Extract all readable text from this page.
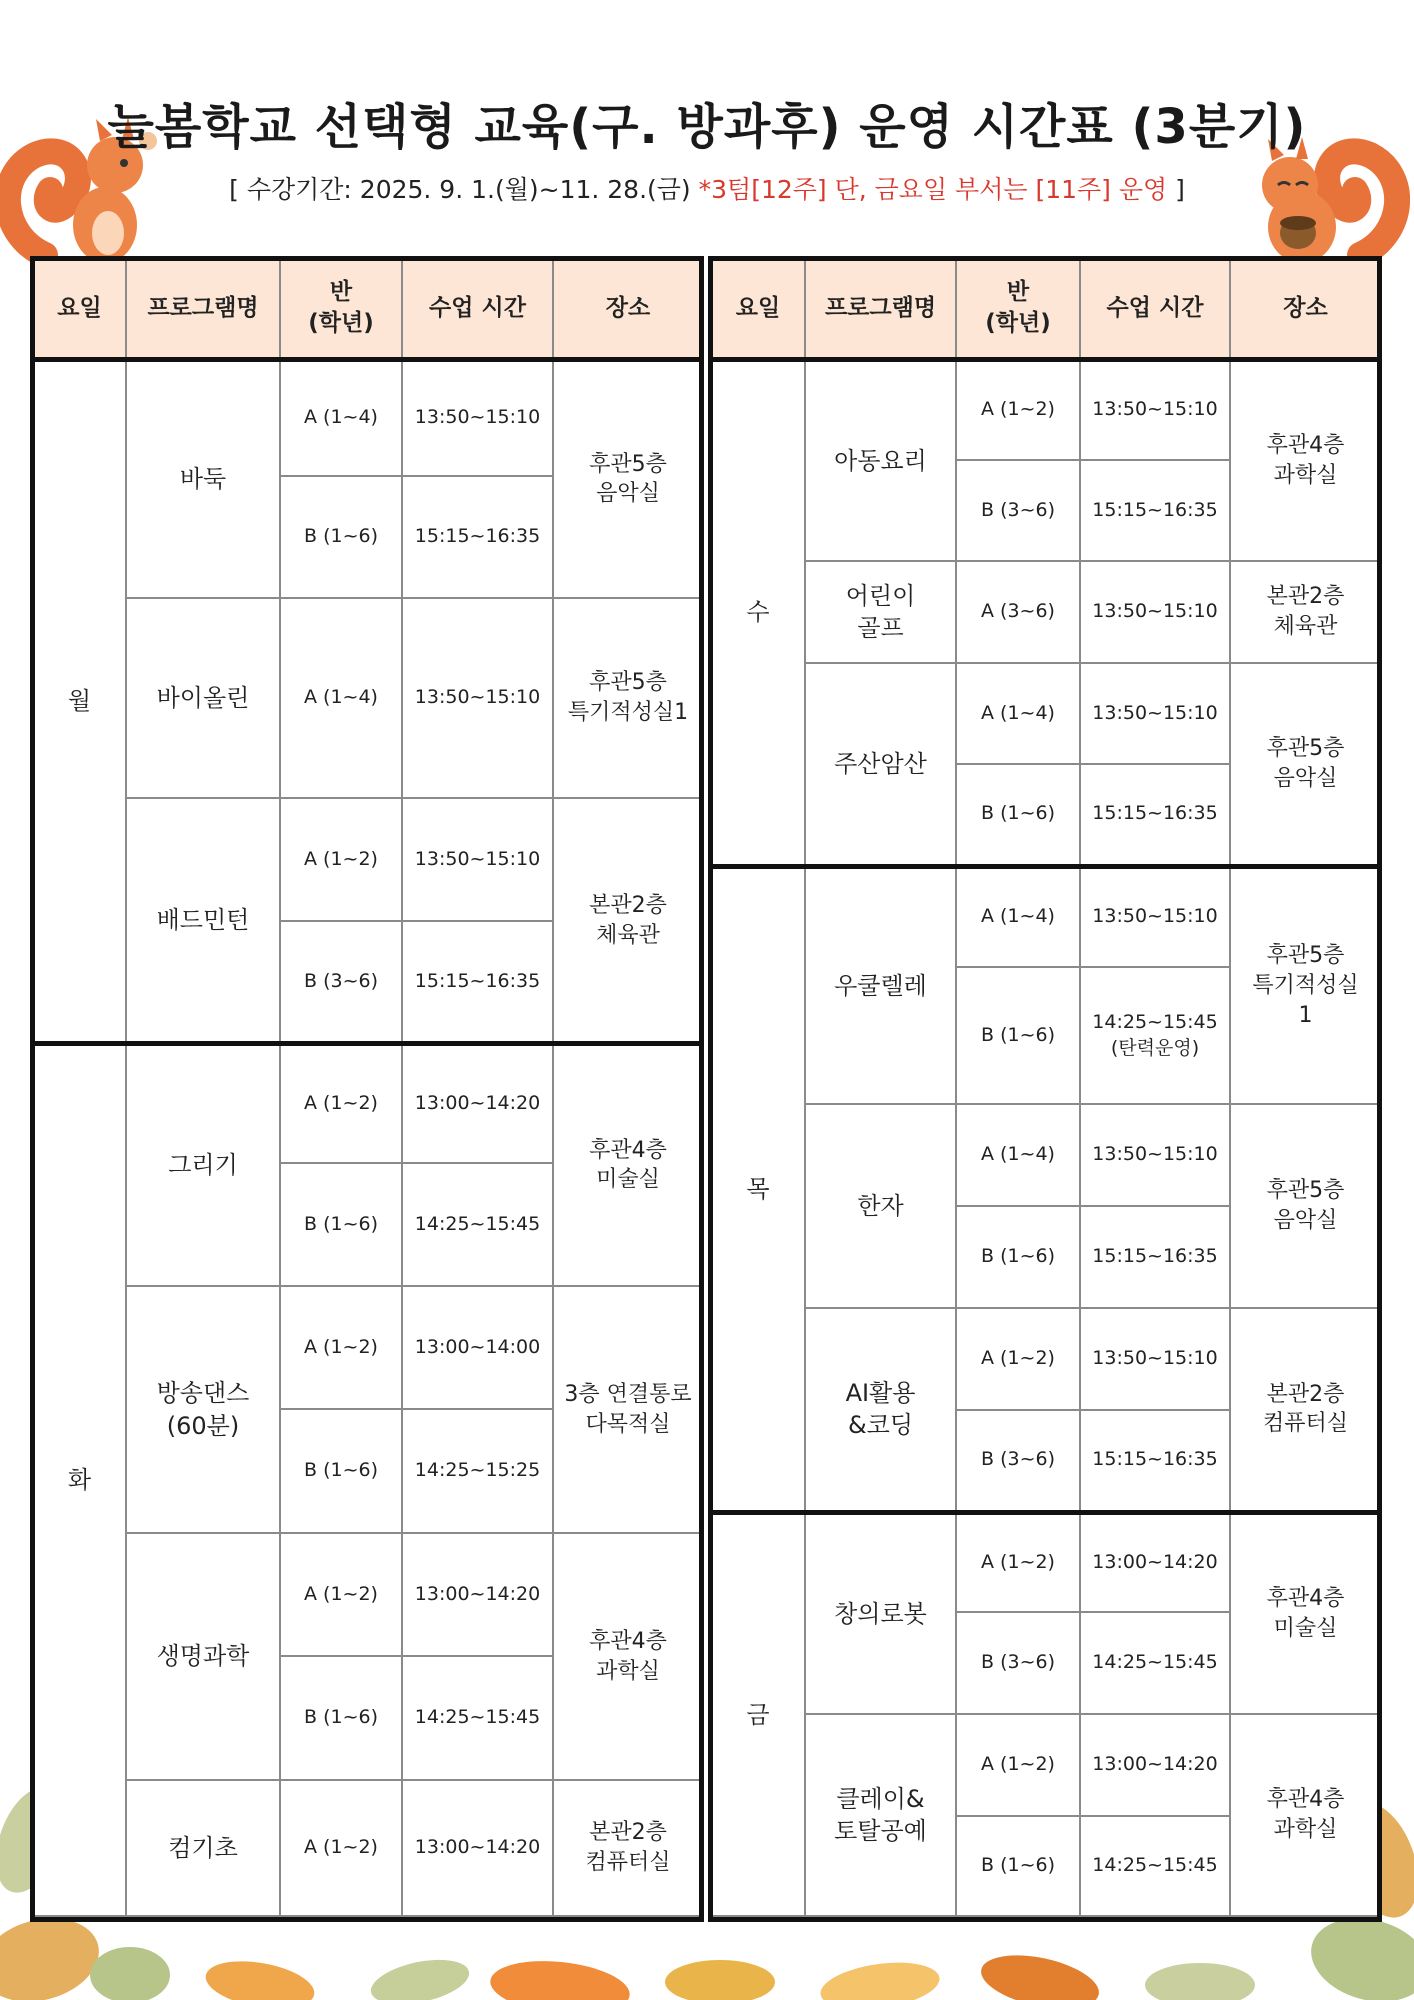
늘봄학교 선택형 교육(구. 방과후) 운영 시간표 (3분기)
[ 수강기간: 2025. 9. 1.(월)~11. 28.(금) *3텀[12주] 단, 금요일 부서는 [11주] 운영 ]
요일	프로그램명	반
(학년)	수업 시간	장소
월	바둑	A (1~4)	13:50~15:10	후관5층
음악실
		B (1~6)	15:15~16:35	
	바이올린	A (1~4)	13:50~15:10	후관5층
특기적성실1
	배드민턴	A (1~2)	13:50~15:10	본관2층
체육관
		B (3~6)	15:15~16:35	

화	그리기	A (1~2)	13:00~14:20	후관4층
미술실
		B (1~6)	14:25~15:45	
	방송댄스
(60분)	A (1~2)	13:00~14:00	3층 연결통로
다목적실
		B (1~6)	14:25~15:25	
	생명과학	A (1~2)	13:00~14:20	후관4층
과학실
		B (1~6)	14:25~15:45	
	컴기초	A (1~2)	13:00~14:20	본관2층
컴퓨터실
요일	프로그램명	반
(학년)	수업 시간	장소
수	아동요리	A (1~2)	13:50~15:10	후관4층
과학실
		B (3~6)	15:15~16:35	
	어린이
골프	A (3~6)	13:50~15:10	본관2층
체육관
	주산암산	A (1~4)	13:50~15:10	후관5층
음악실
		B (1~6)	15:15~16:35	
목	우쿨렐레	A (1~4)	13:50~15:10	후관5층
특기적성실
1
		B (1~6)	14:25~15:45
(탄력운영)	
	한자	A (1~4)	13:50~15:10	후관5층
음악실
		B (1~6)	15:15~16:35	
	AI활용
&코딩	A (1~2)	13:50~15:10	본관2층
컴퓨터실
		B (3~6)	15:15~16:35	
금	창의로봇	A (1~2)	13:00~14:20	후관4층
미술실
		B (3~6)	14:25~15:45	
	클레이&
토탈공예	A (1~2)	13:00~14:20	후관4층
과학실
		B (1~6)	14:25~15:45	
